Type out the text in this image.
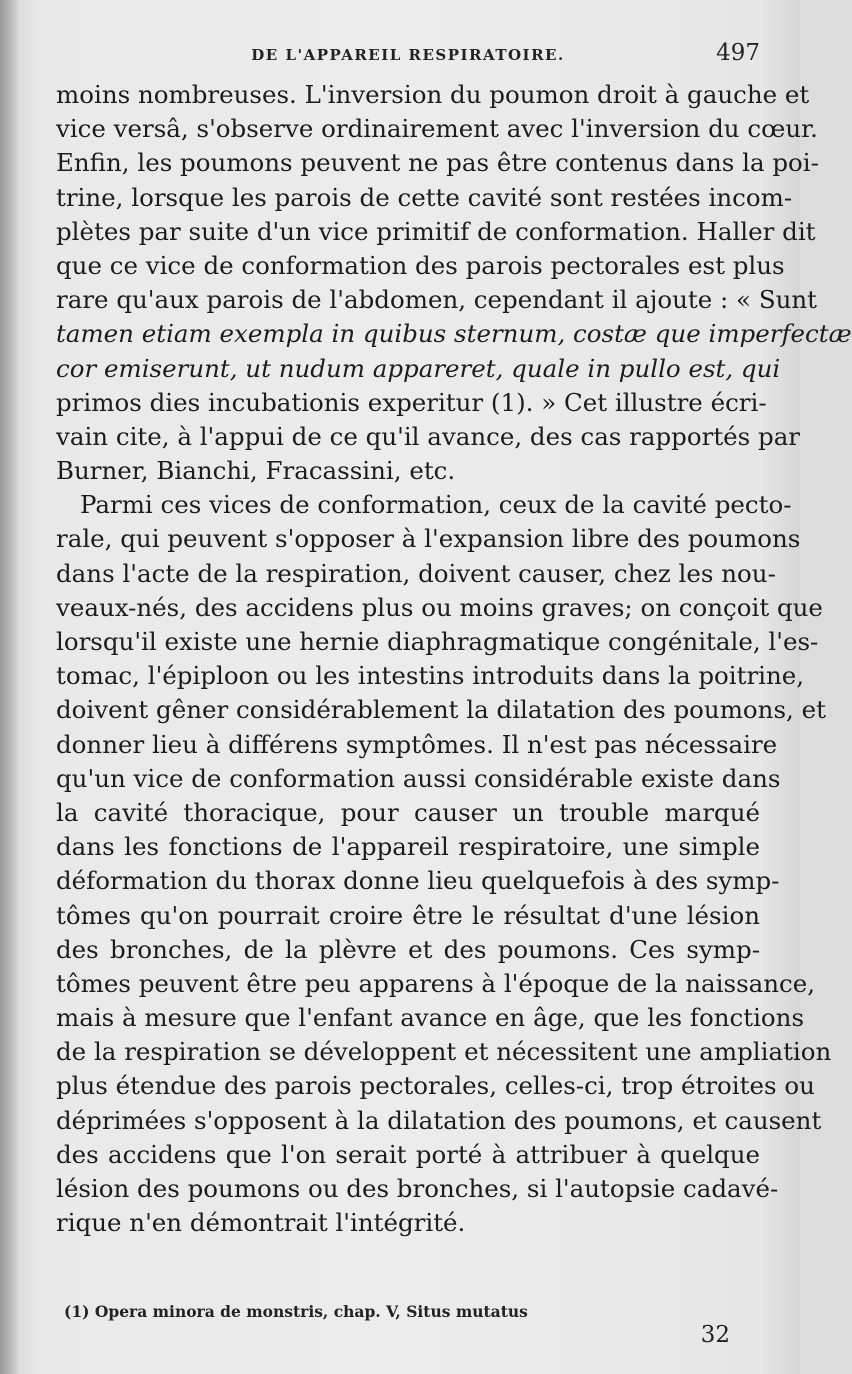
DE L'APPAREIL RESPIRATOIRE.	497
moins nombreuses. L'inversion du poumon droit à gauche et
vice versâ, s'observe ordinairement avec l'inversion du cœur.
Enfin, les poumons peuvent ne pas être contenus dans la poi-
trine, lorsque les parois de cette cavité sont restées incom-
plètes par suite d'un vice primitif de conformation. Haller dit
que ce vice de conformation des parois pectorales est plus
rare qu'aux parois de l'abdomen, cependant il ajoute : « Sunt
tamen etiam exempla in quibus sternum, costæ que imperfectæ
cor emiserunt, ut nudum appareret, quale in pullo est, qui
primos dies incubationis experitur (1). » Cet illustre écri-
vain cite, à l'appui de ce qu'il avance, des cas rapportés par
Burner, Bianchi, Fracassini, etc.
Parmi ces vices de conformation, ceux de la cavité pecto-
rale, qui peuvent s'opposer à l'expansion libre des poumons
dans l'acte de la respiration, doivent causer, chez les nou-
veaux-nés, des accidens plus ou moins graves; on conçoit que
lorsqu'il existe une hernie diaphragmatique congénitale, l'es-
tomac, l'épiploon ou les intestins introduits dans la poitrine,
doivent gêner considérablement la dilatation des poumons, et
donner lieu à différens symptômes. Il n'est pas nécessaire
qu'un vice de conformation aussi considérable existe dans
la cavité thoracique, pour causer un trouble marqué
dans les fonctions de l'appareil respiratoire, une simple
déformation du thorax donne lieu quelquefois à des symp-
tômes qu'on pourrait croire être le résultat d'une lésion
des bronches, de la plèvre et des poumons. Ces symp-
tômes peuvent être peu apparens à l'époque de la naissance,
mais à mesure que l'enfant avance en âge, que les fonctions
de la respiration se développent et nécessitent une ampliation
plus étendue des parois pectorales, celles-ci, trop étroites ou
déprimées s'opposent à la dilatation des poumons, et causent
des accidens que l'on serait porté à attribuer à quelque
lésion des poumons ou des bronches, si l'autopsie cadavé-
rique n'en démontrait l'intégrité.
(1) Opera minora de monstris, chap. V, Situs mutatus
32
